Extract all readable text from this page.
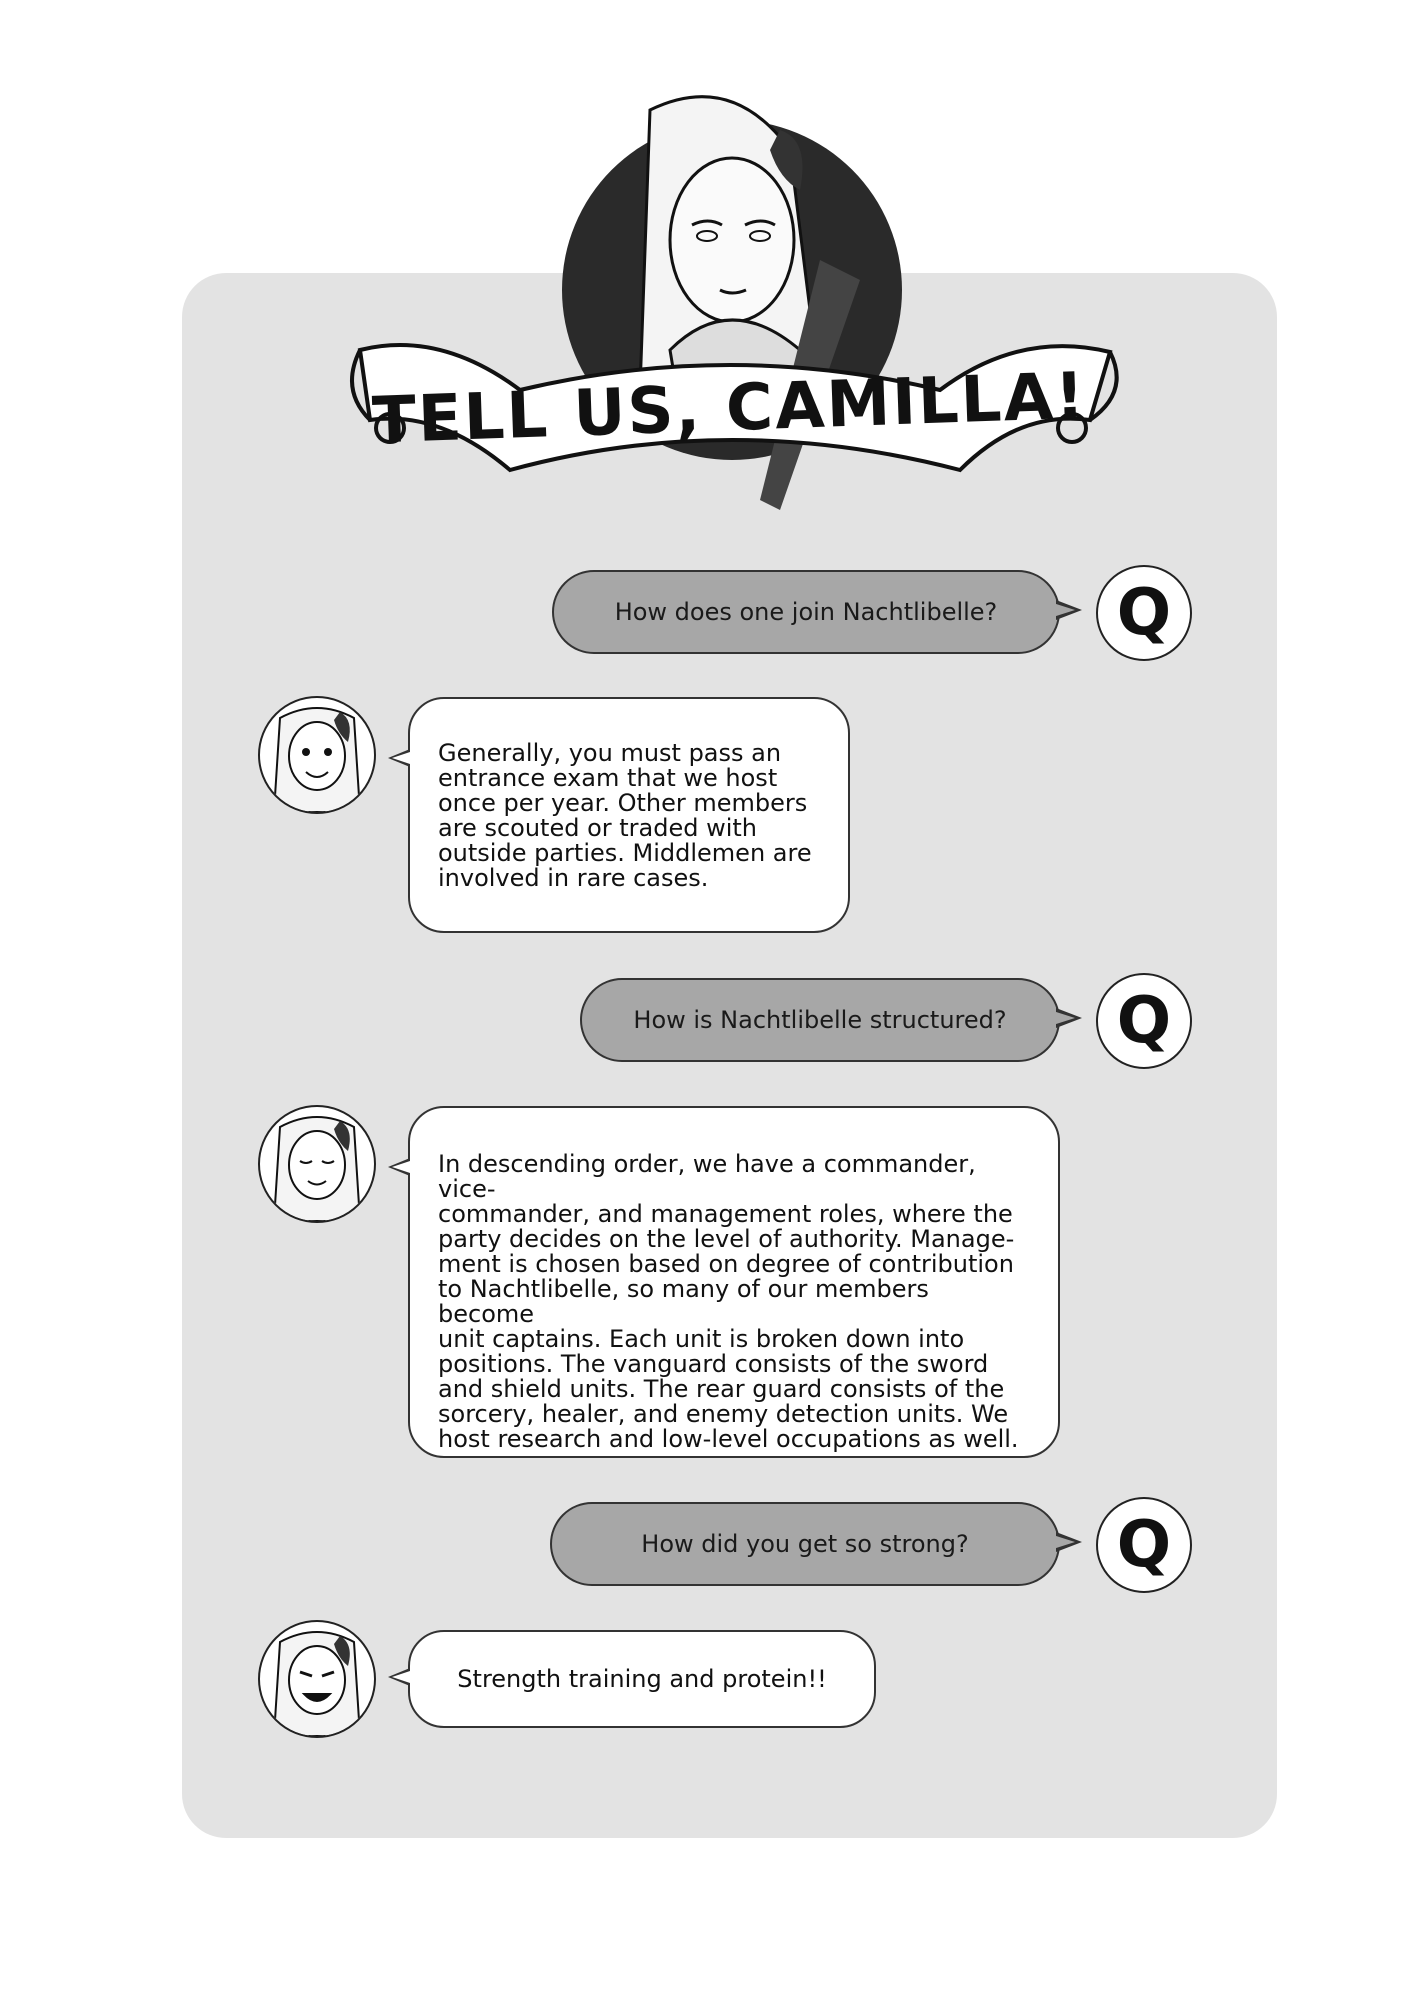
TELL US, CAMILLA!
How does one join Nachtlibelle?	Q

Generally, you must pass an
entrance exam that we host
once per year. Other members
are scouted or traded with
outside parties. Middlemen are
involved in rare cases.

How is Nachtlibelle structured?	Q

In descending order, we have a commander, vice-
commander, and management roles, where the
party decides on the level of authority. Manage-
ment is chosen based on degree of contribution
to Nachtlibelle, so many of our members become
unit captains. Each unit is broken down into
positions. The vanguard consists of the sword
and shield units. The rear guard consists of the
sorcery, healer, and enemy detection units. We
host research and low-level occupations as well.

How did you get so strong?	Q

Strength training and protein!!
